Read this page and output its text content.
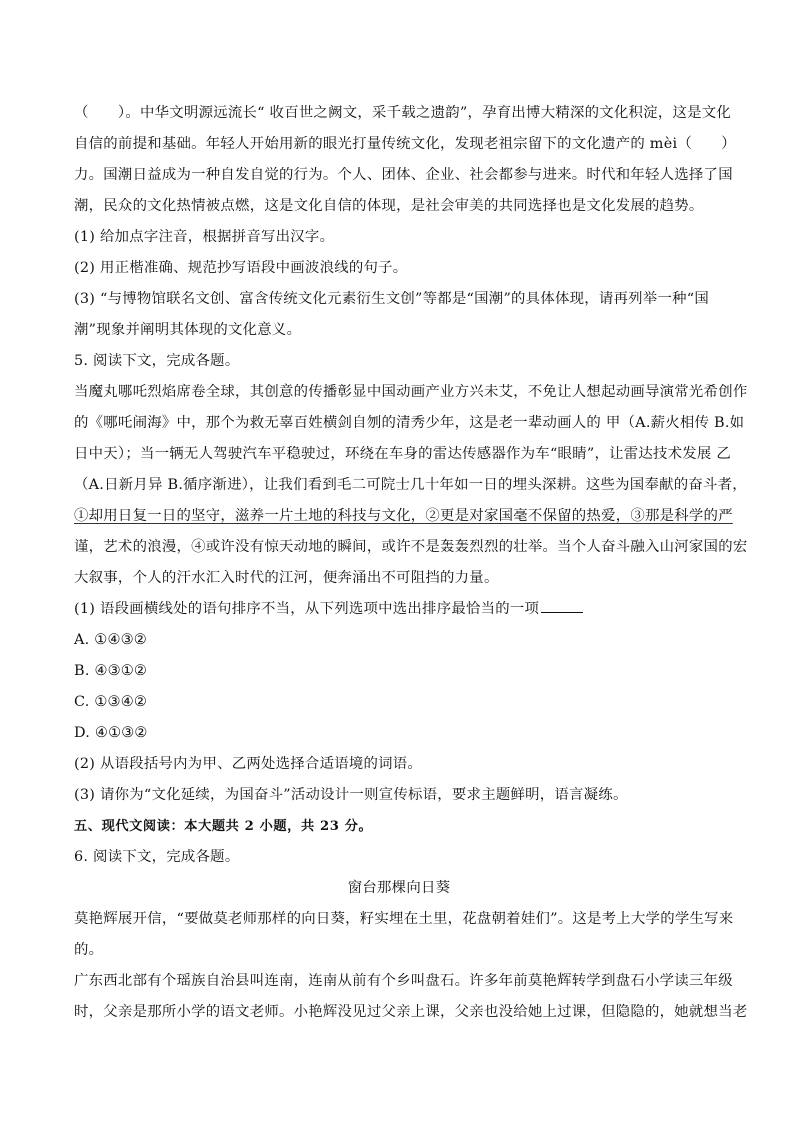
（　　）。中华文明源远流长“ 收百世之阙文，采千载之遗韵”，孕育出博大精深的文化积淀，这是文化

自信的前提和基础。年轻人开始用新的眼光打量传统文化，发现老祖宗留下的文化遗产的 mèi（　　）

力。国潮日益成为一种自发自觉的行为。个人、团体、企业、社会都参与进来。时代和年轻人选择了国

潮，民众的文化热情被点燃，这是文化自信的体现，是社会审美的共同选择也是文化发展的趋势。

(1) 给加点字注音，根据拼音写出汉字。

(2) 用正楷准确、规范抄写语段中画波浪线的句子。

(3) “与博物馆联名文创、富含传统文化元素衍生文创”等都是“国潮”的具体体现，请再列举一种“国

潮”现象并阐明其体现的文化意义。

5. 阅读下文，完成各题。

当魔丸哪吒烈焰席卷全球，其创意的传播彰显中国动画产业方兴未艾，不免让人想起动画导演常光希创作

的《哪吒闹海》中，那个为救无辜百姓横剑自刎的清秀少年，这是老一辈动画人的 甲（A.薪火相传 B.如

日中天）；当一辆无人驾驶汽车平稳驶过，环绕在车身的雷达传感器作为车“眼睛”，让雷达技术发展 乙

（A.日新月异 B.循序渐进），让我们看到毛二可院士几十年如一日的埋头深耕。这些为国奉献的奋斗者，

①却用日复一日的坚守，滋养一片土地的科技与文化，②更是对家国毫不保留的热爱，③那是科学的严

谨，艺术的浪漫，④或许没有惊天动地的瞬间，或许不是轰轰烈烈的壮举。当个人奋斗融入山河家国的宏

大叙事，个人的汗水汇入时代的江河，便奔涌出不可阻挡的力量。

(1) 语段画横线处的语句排序不当，从下列选项中选出排序最恰当的一项

A. ①④③②

B. ④③①②

C. ①③④②

D. ④①③②

(2) 从语段括号内为甲、乙两处选择合适语境的词语。

(3) 请你为“文化延续，为国奋斗”活动设计一则宣传标语，要求主题鲜明，语言凝练。

五、现代文阅读：本大题共 2 小题，共 23 分。

6. 阅读下文，完成各题。

窗台那棵向日葵

莫艳辉展开信，“要做莫老师那样的向日葵，籽实埋在土里，花盘朝着娃们”。这是考上大学的学生写来

的。

广东西北部有个瑶族自治县叫连南，连南从前有个乡叫盘石。许多年前莫艳辉转学到盘石小学读三年级

时，父亲是那所小学的语文老师。小艳辉没见过父亲上课，父亲也没给她上过课，但隐隐的，她就想当老
